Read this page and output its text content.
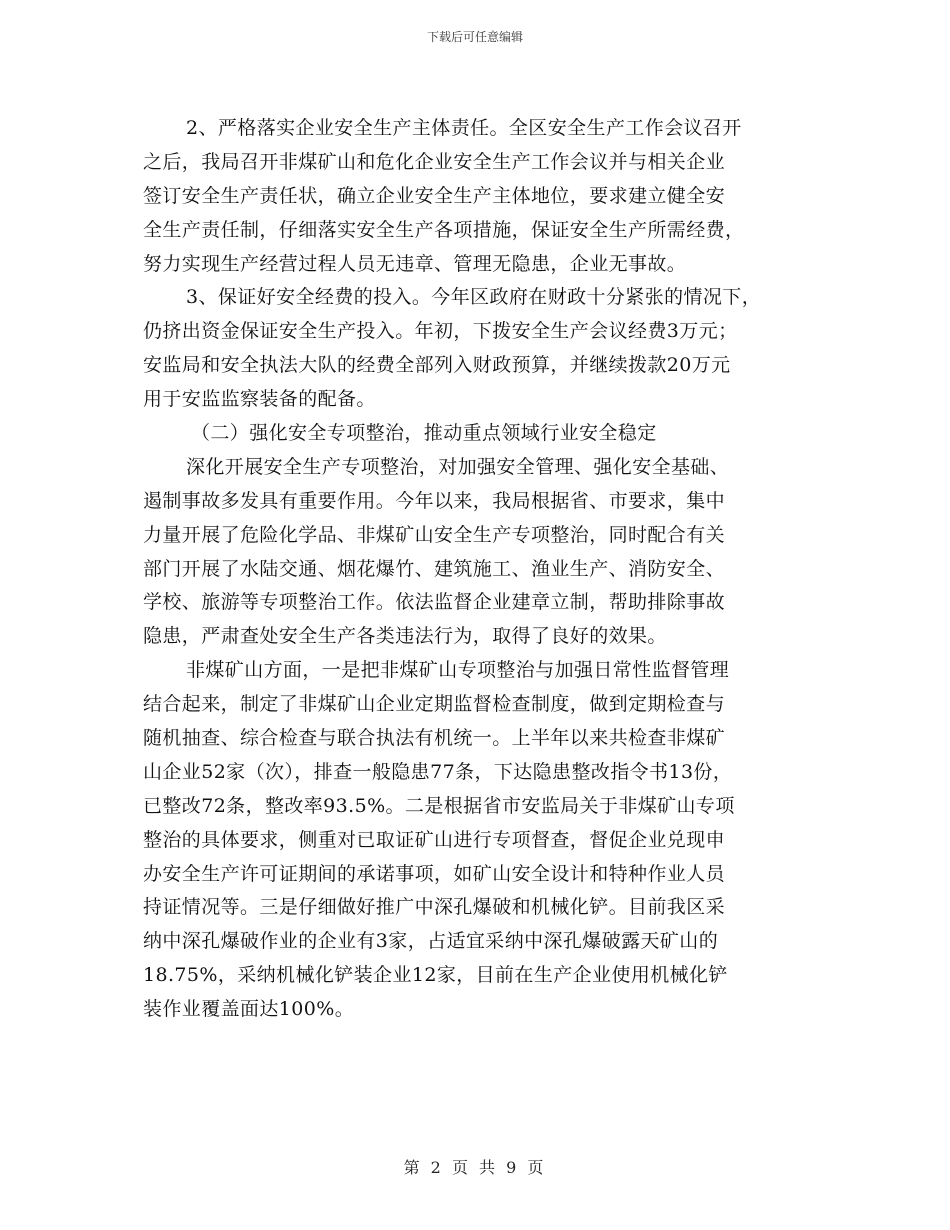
下载后可任意编辑
2、严格落实企业安全生产主体责任。全区安全生产工作会议召开
之后，我局召开非煤矿山和危化企业安全生产工作会议并与相关企业
签订安全生产责任状，确立企业安全生产主体地位，要求建立健全安
全生产责任制，仔细落实安全生产各项措施，保证安全生产所需经费，
努力实现生产经营过程人员无违章、管理无隐患，企业无事故。
3、保证好安全经费的投入。今年区政府在财政十分紧张的情况下，
仍挤出资金保证安全生产投入。年初，下拨安全生产会议经费3万元；
安监局和安全执法大队的经费全部列入财政预算，并继续拨款20万元
用于安监监察装备的配备。
（二）强化安全专项整治，推动重点领域行业安全稳定
深化开展安全生产专项整治，对加强安全管理、强化安全基础、
遏制事故多发具有重要作用。今年以来，我局根据省、市要求，集中
力量开展了危险化学品、非煤矿山安全生产专项整治，同时配合有关
部门开展了水陆交通、烟花爆竹、建筑施工、渔业生产、消防安全、
学校、旅游等专项整治工作。依法监督企业建章立制，帮助排除事故
隐患，严肃查处安全生产各类违法行为，取得了良好的效果。
非煤矿山方面，一是把非煤矿山专项整治与加强日常性监督管理
结合起来，制定了非煤矿山企业定期监督检查制度，做到定期检查与
随机抽查、综合检查与联合执法有机统一。上半年以来共检查非煤矿
山企业52家（次），排查一般隐患77条，下达隐患整改指令书13份，
已整改72条，整改率93.5%。二是根据省市安监局关于非煤矿山专项
整治的具体要求，侧重对已取证矿山进行专项督查，督促企业兑现申
办安全生产许可证期间的承诺事项，如矿山安全设计和特种作业人员
持证情况等。三是仔细做好推广中深孔爆破和机械化铲。目前我区采
纳中深孔爆破作业的企业有3家，占适宜采纳中深孔爆破露天矿山的
18.75%，采纳机械化铲装企业12家，目前在生产企业使用机械化铲
装作业覆盖面达100%。
第 2 页 共 9 页
